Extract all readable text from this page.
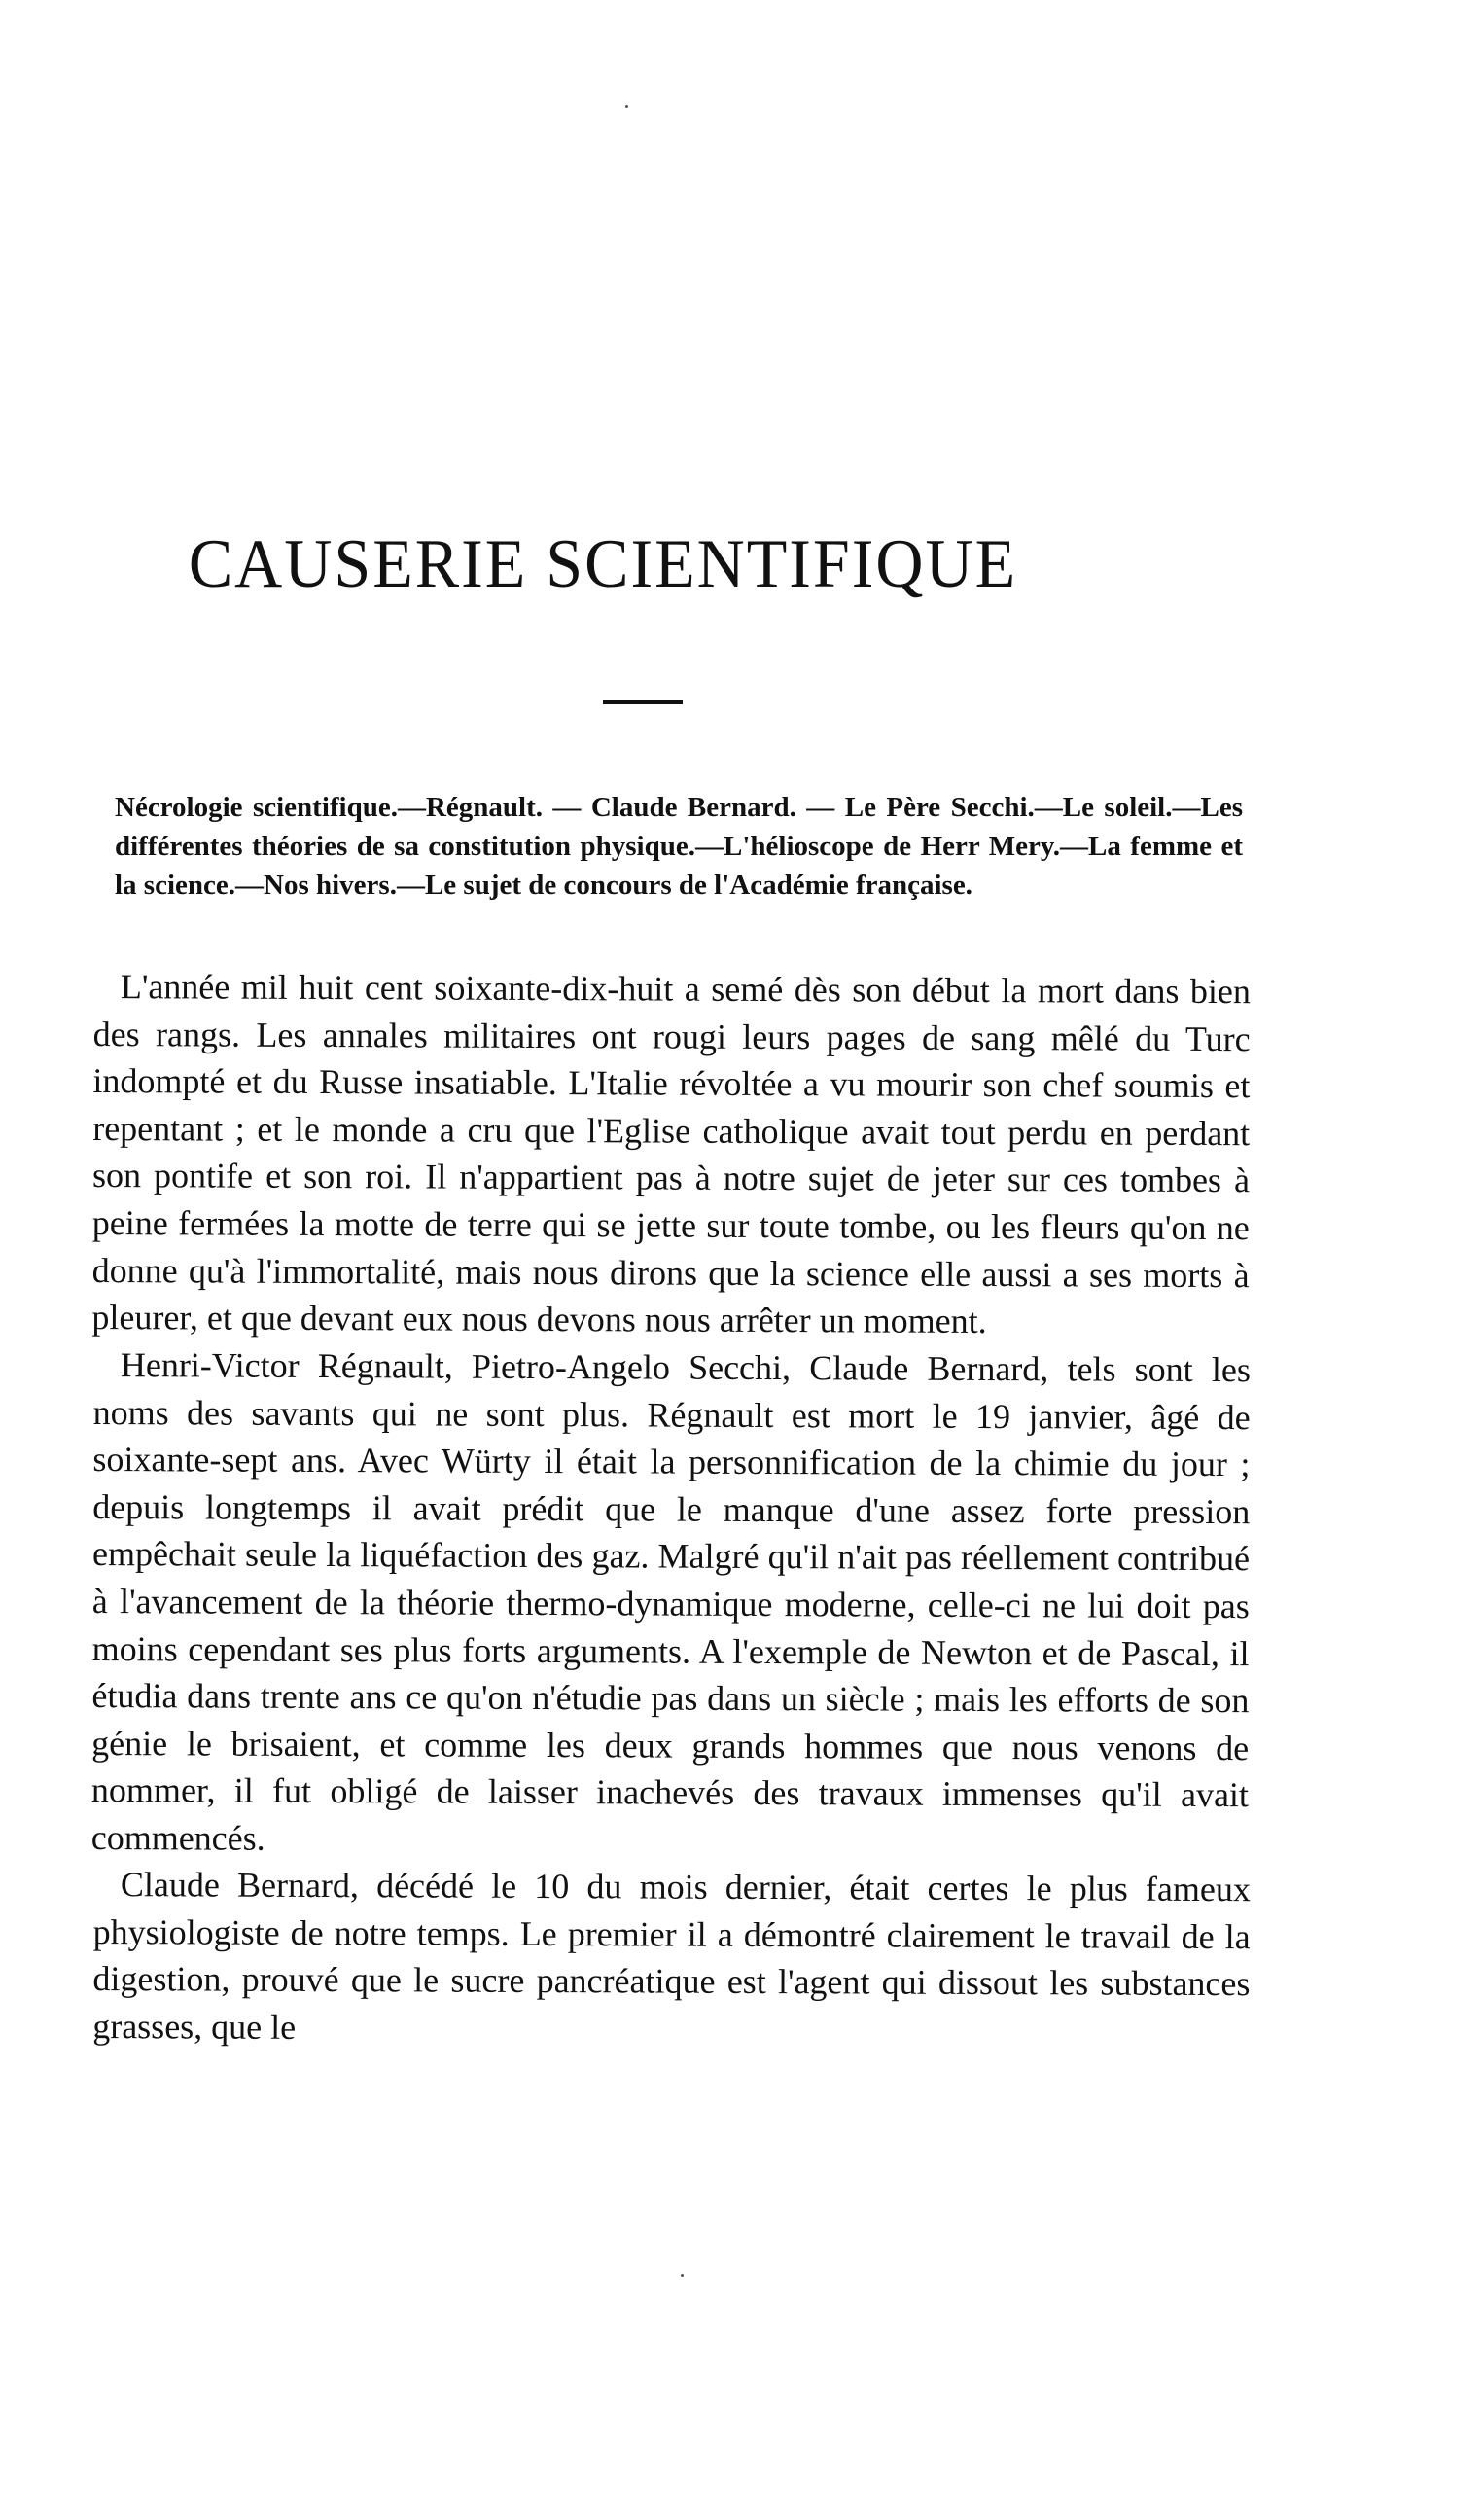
CAUSERIE SCIENTIFIQUE

Nécrologie scientifique.—Régnault. — Claude Bernard. — Le Père Secchi.—Le soleil.—Les différentes théories de sa constitution physique.—L'hélioscope de Herr Mery.—La femme et la science.—Nos hivers.—Le sujet de concours de l'Académie française.

L'année mil huit cent soixante-dix-huit a semé dès son début la mort dans bien des rangs. Les annales militaires ont rougi leurs pages de sang mêlé du Turc indompté et du Russe insatiable. L'Italie révoltée a vu mourir son chef soumis et repentant ; et le monde a cru que l'Eglise catholique avait tout perdu en perdant son pontife et son roi. Il n'appartient pas à notre sujet de jeter sur ces tombes à peine fermées la motte de terre qui se jette sur toute tombe, ou les fleurs qu'on ne donne qu'à l'immortalité, mais nous dirons que la science elle aussi a ses morts à pleurer, et que devant eux nous devons nous arrêter un moment.

Henri-Victor Régnault, Pietro-Angelo Secchi, Claude Bernard, tels sont les noms des savants qui ne sont plus. Régnault est mort le 19 janvier, âgé de soixante-sept ans. Avec Würty il était la personnification de la chimie du jour ; depuis longtemps il avait prédit que le manque d'une assez forte pression empêchait seule la liquéfaction des gaz. Malgré qu'il n'ait pas réellement contribué à l'avancement de la théorie thermo-dynamique moderne, celle-ci ne lui doit pas moins cependant ses plus forts arguments. A l'exemple de Newton et de Pascal, il étudia dans trente ans ce qu'on n'étudie pas dans un siècle ; mais les efforts de son génie le brisaient, et comme les deux grands hommes que nous venons de nommer, il fut obligé de laisser inachevés des travaux immenses qu'il avait commencés.

Claude Bernard, décédé le 10 du mois dernier, était certes le plus fameux physiologiste de notre temps. Le premier il a démontré clairement le travail de la digestion, prouvé que le sucre pancréatique est l'agent qui dissout les substances grasses, que le
